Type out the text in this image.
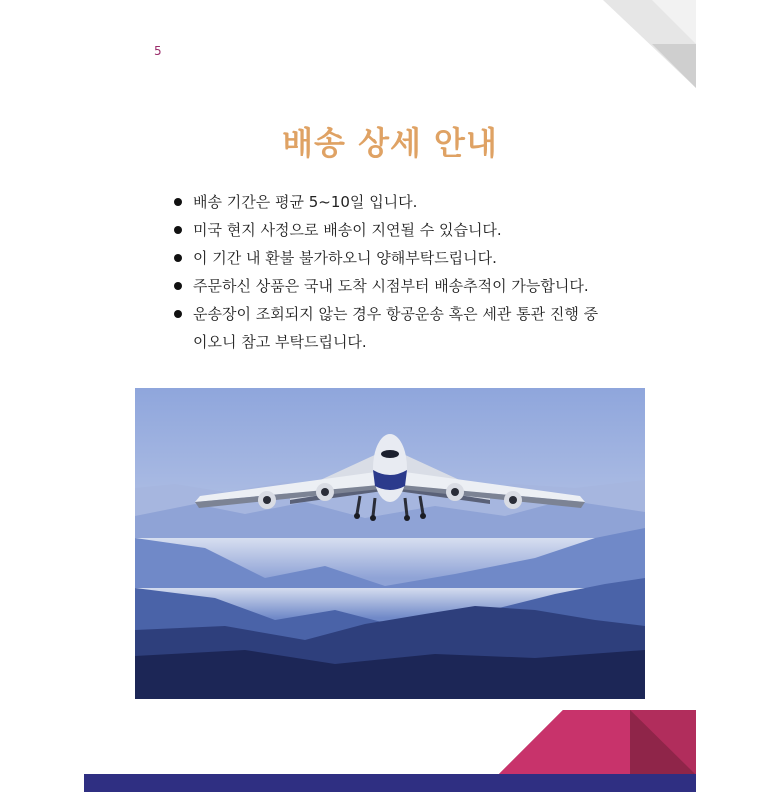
5
배송 상세 안내
배송 기간은 평균 5~10일 입니다.
미국 현지 사정으로 배송이 지연될 수 있습니다.
이 기간 내 환불 불가하오니 양해부탁드립니다.
주문하신 상품은 국내 도착 시점부터 배송추적이 가능합니다.
운송장이 조회되지 않는 경우 항공운송 혹은 세관 통관 진행 중이오니 참고 부탁드립니다.
